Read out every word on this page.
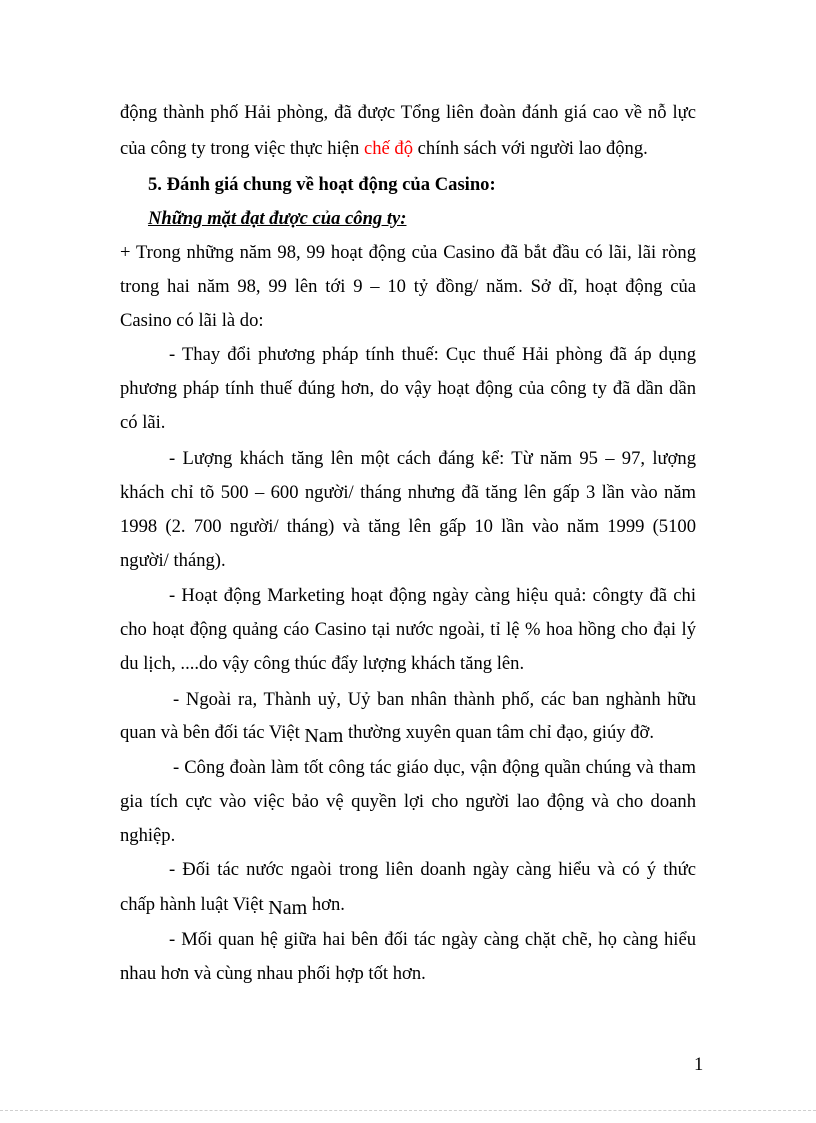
động thành phố Hải phòng, đã được Tổng liên đoàn đánh giá cao về nỗ lực

của công ty trong việc thực hiện chế độ chính sách với người lao động.

5. Đánh giá chung về hoạt động của Casino:

Những mặt đạt được của công ty:

+ Trong những năm 98, 99 hoạt động của Casino đã bắt đầu có lãi, lãi ròng

trong hai năm 98, 99 lên tới 9 – 10 tỷ đồng/ năm. Sở dĩ, hoạt động của

Casino có lãi là do:

- Thay đổi phương pháp tính thuế: Cục thuế Hải phòng đã áp dụng

phương pháp tính thuế đúng hơn, do vậy hoạt động của công ty đã dần dần

có lãi.

- Lượng khách tăng lên một cách đáng kể: Từ năm 95 – 97, lượng

khách chỉ tõ 500 – 600 người/ tháng nhưng đã tăng lên gấp 3 lần vào năm

1998 (2. 700 người/ tháng) và tăng lên gấp 10 lần vào năm 1999 (5100

người/ tháng).

- Hoạt động Marketing hoạt động ngày càng hiệu quả: côngty đã chi

cho hoạt động quảng cáo Casino tại nước ngoài, tỉ lệ % hoa hồng cho đại lý

du lịch, ....do vậy công thúc đẩy lượng khách tăng lên.

- Ngoài ra, Thành uỷ, Uỷ ban nhân thành phố, các ban nghành hữu

quan và bên đối tác Việt Nam thường xuyên quan tâm chỉ đạo, giúy đỡ.

- Công đoàn làm tốt công tác giáo dục, vận động quần chúng và tham

gia tích cực vào việc bảo vệ quyền lợi cho người lao động và cho doanh

nghiệp.

- Đối tác nước ngaòi trong liên doanh ngày càng hiểu và có ý thức

chấp hành luật Việt Nam hơn.

- Mối quan hệ giữa hai bên đối tác ngày càng chặt chẽ, họ càng hiểu

nhau hơn và cùng nhau phối hợp tốt hơn.

1
